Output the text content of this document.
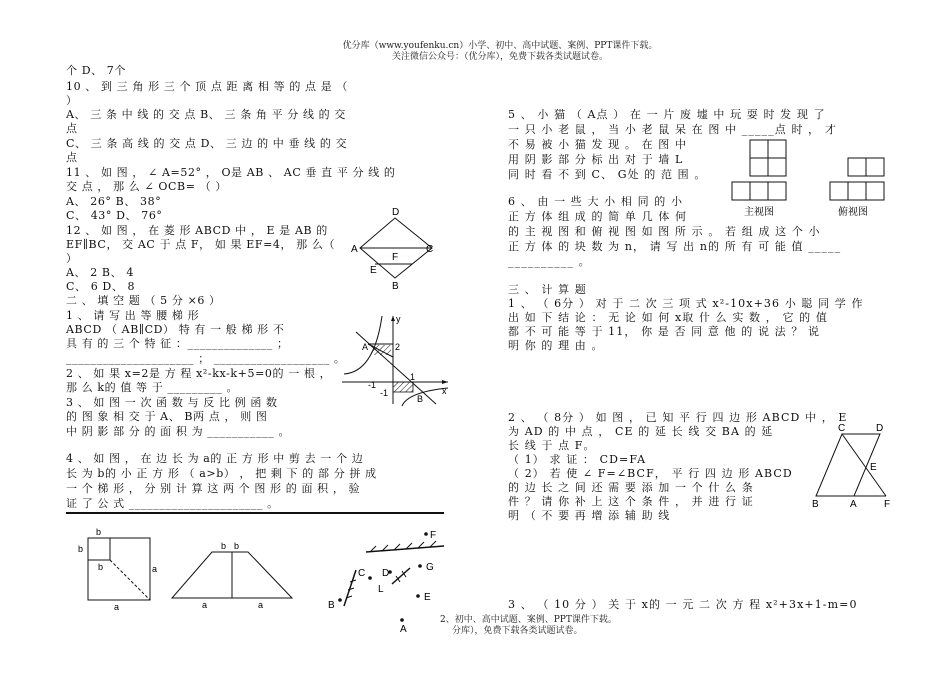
优分库（www.youfenku.cn）小学、初中、高中试题、案例、PPT课件下载。
关注微信公众号：（优分库），免费下载各类试题试卷。
个 D、 7个
10 、 到 三 角 形 三 个 顶 点 距 离 相 等 的 点 是 （
）
A、 三 条 中 线 的 交 点 B、 三 条 角 平 分 线 的 交
点
C、 三 条 高 线 的 交 点 D、 三 边 的 中 垂 线 的 交
点
11 、 如 图 ， ∠ A=52° ， O是 AB 、 AC 垂 直 平 分 线 的
交 点 ， 那 么 ∠ OCB= （ ）
A、 26° B、 38°
C、 43° D、 76°
12 、 如 图 ， 在 菱 形 ABCD 中 ， E 是 AB 的
EF∥BC， 交 AC 于 点 F， 如 果 EF=4， 那 么（
）
A、 2 B、 4
C、 6 D、 8
二 、 填 空 题 （ 5 分 ×6 ）
1 、 请 写 出 等 腰 梯 形
ABCD （ AB∥CD） 特 有 一 般 梯 形 不
具 有 的 三 个 特 征 ：______________ ；
_____________________ ； ___________________ 。
2 、 如 果 x=2是 方 程 x²-kx-k+5=0的 一 根 ，
那 么 k的 值 等 于 _________ 。
3 、 如 图 一 次 函 数 与 反 比 例 函 数
的 图 象 相 交 于 A、 B两 点 ， 则 图
中 阴 影 部 分 的 面 积 为 ___________ 。
4 、 如 图 ， 在 边 长 为 a的 正 方 形 中 剪 去 一 个 边
长 为 b的 小 正 方 形 （ a>b） ， 把 剩 下 的 部 分 拼 成
一 个 梯 形 ， 分 别 计 算 这 两 个 图 形 的 面 积 ， 验
证 了 公 式 ______________________ 。
A	C
D
E
F
B
y
A	2
-1
1
x
-1
B
b
b
b	a
a
b b
a	a
F
C D
G
L
B
E
A
5 、 小 猫 （ A点 ） 在 一 片 废 墟 中 玩 耍 时 发 现 了
一 只 小 老 鼠 ， 当 小 老 鼠 呆 在 图 中 _____点 时 ， 才
不 易 被 小 猫 发 现 。 在 图 中
用 阴 影 部 分 标 出 对 于 墙 L
同 时 看 不 到 C、 G处 的 范 围 。
6 、 由 一 些 大 小 相 同 的 小
正 方 体 组 成 的 简 单 几 体 何
的 主 视 图 和 俯 视 图 如 图 所 示 。 若 组 成 这 个 小
正 方 体 的 块 数 为 n， 请 写 出 n的 所 有 可 能 值 _____
__________ 。
主视图	俯视图
三 、 计 算 题
1 、 （ 6分 ） 对 于 二 次 三 项 式 x²-10x+36 小 聪 同 学 作
出 如 下 结 论 ： 无 论 如 何 x取 什 么 实 数 ， 它 的 值
都 不 可 能 等 于 11， 你 是 否 同 意 他 的 说 法 ？ 说
明 你 的 理 由 。
2 、 （ 8分 ） 如 图 ， 已 知 平 行 四 边 形 ABCD 中 ， E
为 AD 的 中 点 ， CE 的 延 长 线 交 BA 的 延
长 线 于 点 F。
（ 1） 求 证 ： CD=FA
（ 2） 若 使 ∠ F=∠BCF， 平 行 四 边 形 ABCD
的 边 长 之 间 还 需 要 添 加 一 个 什 么 条
件 ？ 请 你 补 上 这 个 条 件 ， 并 进 行 证
明 （ 不 要 再 增 添 辅 助 线
C	D
E
B	A	F
3 、 （ 10 分 ） 关 于 x的 一 元 二 次 方 程 x²+3x+1-m=0
2、初中、高中试题、案例、PPT课件下载。
分库），免费下载各类试题试卷。
